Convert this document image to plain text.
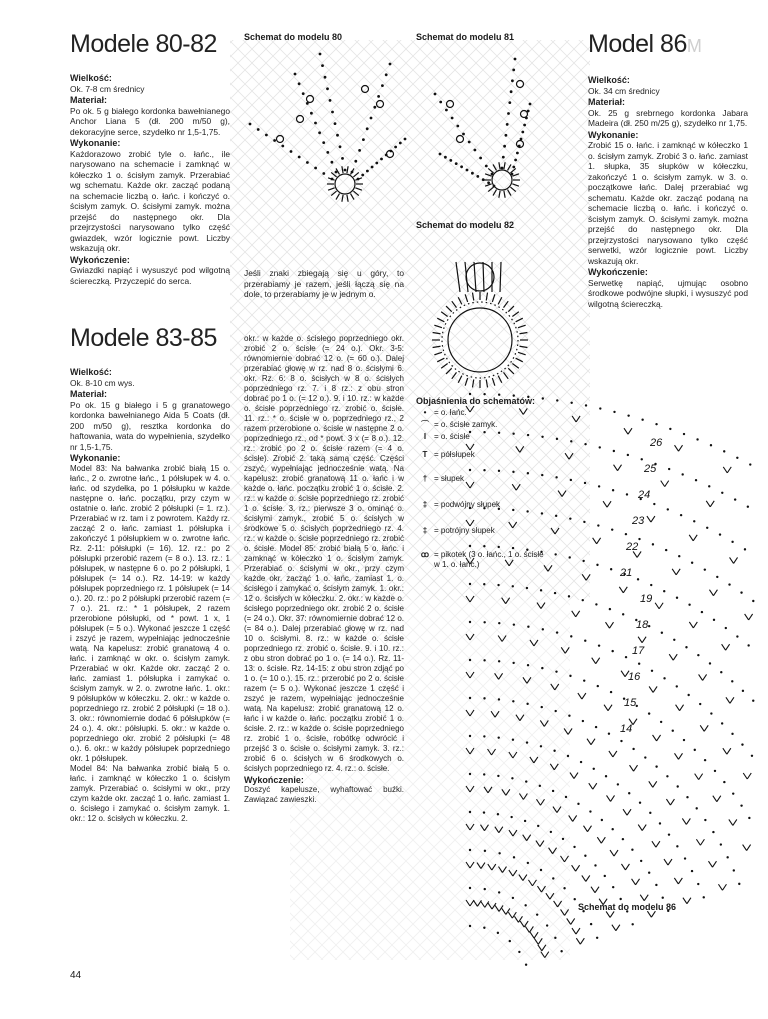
Modele 80-82
Wielkość:

Ok. 7-8 cm średnicy

Materiał:

Po ok. 5 g białego kordonka bawełnianego Anchor Liana 5 (dł. 200 m/50 g), dekoracyjne serce, szydełko nr 1,5-1,75.

Wykonanie:

Każdorazowo zrobić tyle o. łańc., ile narysowano na schemacie i zamknąć w kółeczko 1 o. ścisłym zamyk. Przerabiać wg schematu. Każde okr. zacząć podaną na schemacie liczbą o. łańc. i kończyć o. ścisłym zamyk. O. ścisłymi zamyk. można przejść do następnego okr. Dla przejrzystości narysowano tylko część gwiazdek, wzór logicznie powt. Liczby wskazują okr.

Wykończenie:

Gwiazdki napiąć i wysuszyć pod wilgotną ściereczką. Przyczepić do serca.

Modele 83-85
Wielkość:

Ok. 8-10 cm wys.

Materiał:

Po ok. 15 g białego i 5 g granatowego kordonka bawełnianego Aida 5 Coats (dł. 200 m/50 g), resztka kordonka do haftowania, wata do wypełnienia, szydełko nr 1,5-1,75.

Wykonanie:

Model 83: Na bałwanka zrobić białą 15 o. łańc., 2 o. zwrotne łańc., 1 półsłupek w 4. o. łańc. od szydełka, po 1 półsłupku w każde następne o. łańc. początku, przy czym w ostatnie o. łańc. zrobić 2 półsłupki (= 1. rz.). Przerabiać w rz. tam i z powrotem. Każdy rz. zacząć 2 o. łańc. zamiast 1. półsłupka i zakończyć 1 półsłupkiem w o. zwrotne łańc. Rz. 2-11: półsłupki (= 16). 12. rz.: po 2 półsłupki przerobić razem (= 8 o.). 13. rz.: 1 półsłupek, w następne 6 o. po 2 półsłupki, 1 półsłupek (= 14 o.). Rz. 14-19: w każdy półsłupek poprzedniego rz. 1 półsłupek (= 14 o.). 20. rz.: po 2 półsłupki przerobić razem (= 7 o.). 21. rz.: * 1 półsłupek, 2 razem przerobione półsłupki, od * powt. 1 x, 1 półsłupek (= 5 o.). Wykonać jeszcze 1 część i zszyć je razem, wypełniając jednocześnie watą. Na kapelusz: zrobić granatową 4 o. łańc. i zamknąć w okr. o. ścisłym zamyk. Przerabiać w okr. Każde okr. zacząć 2 o. łańc. zamiast 1. półsłupka i zamykać o. ścisłym zamyk. w 2. o. zwrotne łańc. 1. okr.: 9 półsłupków w kółeczku. 2. okr.: w każde o. poprzedniego rz. zrobić 2 półsłupki (= 18 o.). 3. okr.: równomiernie dodać 6 półsłupków (= 24 o.). 4. okr.: półsłupki. 5. okr.: w każde o. poprzedniego okr. zrobić 2 półsłupki (= 48 o.). 6. okr.: w każdy półsłupek poprzedniego okr. 1 półsłupek.

Model 84: Na bałwanka zrobić białą 5 o. łańc. i zamknąć w kółeczko 1 o. ścisłym zamyk. Przerabiać o. ścisłymi w okr., przy czym każde okr. zacząć 1 o. łańc. zamiast 1. o. ścisłego i zamykać o. ścisłym zamyk. 1. okr.: 12 o. ścisłych w kółeczku. 2.

Schemat do modelu 80	Schemat do modelu 81
Schemat do modelu 82

Jeśli znaki zbiegają się u góry, to przerabiamy je razem, jeśli łączą się na dole, to przerabiamy je w jednym o.

okr.: w każde o. ścisłego poprzedniego okr. zrobić 2 o. ścisłe (= 24 o.). Okr. 3-5: równomiernie dobrać 12 o. (= 60 o.). Dalej przerabiać głowę w rz. nad 8 o. ścisłymi 6. okr. Rz. 6: 8 o. ścisłych w 8 o. ścisłych poprzedniego rz. 7. i 8 rz.: z obu stron dobrać po 1 o. (= 12 o.). 9. i 10. rz.: w każde o. ścisłe poprzedniego rz. zrobić o. ścisłe. 11. rz.: * o. ścisłe w o. poprzedniego rz., 2 razem przerobione o. ścisłe w następne 2 o. poprzedniego rz., od * powt. 3 x (= 8 o.). 12. rz.: zrobić po 2 o. ścisłe razem (= 4 o. ścisłe). Zrobić 2. taką samą część. Części zszyć, wypełniając jednocześnie watą. Na kapelusz: zrobić granatową 11 o. łańc i w każde o. łańc. początku zrobić 1 o. ścisłe. 2. rz.: w każde o. ścisłe poprzedniego rz. zrobić 1 o. ścisłe. 3. rz.: pierwsze 3 o. ominąć o. ścisłymi zamyk., zrobić 5 o. ścisłych w środkowe 5 o. ścisłych poprzedniego rz. 4. rz.: w każde o. ścisłe poprzedniego rz. zrobić o. ścisłe. Model 85: zrobić białą 5 o. łańc. i zamknąć w kółeczko 1 o. ścisłym zamyk. Przerabiać o. ścisłymi w okr., przy czym każde okr. zacząć 1 o. łańc. zamiast 1. o. ścisłego i zamykać o. ścisłym zamyk. 1. okr.: 12 o. ścisłych w kółeczku. 2. okr.: w każde o. ścisłego poprzedniego okr. zrobić 2 o. ścisłe (= 24 o.). Okr. 37: równomiernie dobrać 12 o. (= 84 o.). Dalej przerabiać głowę w rz. nad 10 o. ścisłymi. 8. rz.: w każde o. ścisłe poprzedniego rz. zrobić o. ścisłe. 9. i 10. rz.: z obu stron dobrać po 1 o. (= 14 o.). Rz. 11-13: o. ścisłe. Rz. 14-15: z obu stron zdjąć po 1 o. (= 10 o.). 15. rz.: przerobić po 2 o. ścisłe razem (= 5 o.). Wykonać jeszcze 1 część i zszyć je razem, wypełniając jednocześnie watą. Na kapelusz: zrobić granatową 12 o. łańc i w każde o. łańc. początku zrobić 1 o. ścisłe. 2. rz.: w każde o. ścisłe poprzedniego rz. zrobić 1 o. ścisłe, robótkę odwrócić i przejść 3 o. ścisłe o. ścisłymi zamyk. 3. rz.: zrobić 6 o. ścisłych w 6 środkowych o. ścisłych poprzedniego rz. 4. rz.: o. ścisłe.

Wykończenie:

Doszyć kapelusze, wyhaftować buźki. Zawiązać zawieszki.

Objaśnienia do schematów:
• = o. łańc.
⌒ = o. ścisłe zamyk.
I = o. ścisłe
T = półsłupek
† = słupek
‡ = podwójny słupek
‡ = potrójny słupek
ꝏ = pikotek (3 o. łańc., 1 o. ścisłe w 1. o. łańc.)
Model 86M
Wielkość:

Ok. 34 cm średnicy

Materiał:

Ok. 25 g srebrnego kordonka Jabara Madeira (dł. 250 m/25 g), szydełko nr 1,75.

Wykonanie:

Zrobić 15 o. łańc. i zamknąć w kółeczko 1 o. ścisłym zamyk. Zrobić 3 o. łańc. zamiast 1. słupka, 35 słupków w kółeczku, zakończyć 1 o. ścisłym zamyk. w 3. o. początkowe łańc. Dalej przerabiać wg schematu. Każde okr. zacząć podaną na schemacie liczbą o. łańc. i kończyć o. ścisłym zamyk. O. ścisłymi zamyk. można przejść do następnego okr. Dla przejrzystości narysowano tylko część serwetki, wzór logicznie powt. Liczby wskazują okr.

Wykończenie:

Serwetkę napiąć, ujmując osobno środkowe podwójne słupki, i wysuszyć pod wilgotną ściereczką.

26
25
24
23
22
21
19
18
17
16
15
14
Schemat do modelu 86
44
